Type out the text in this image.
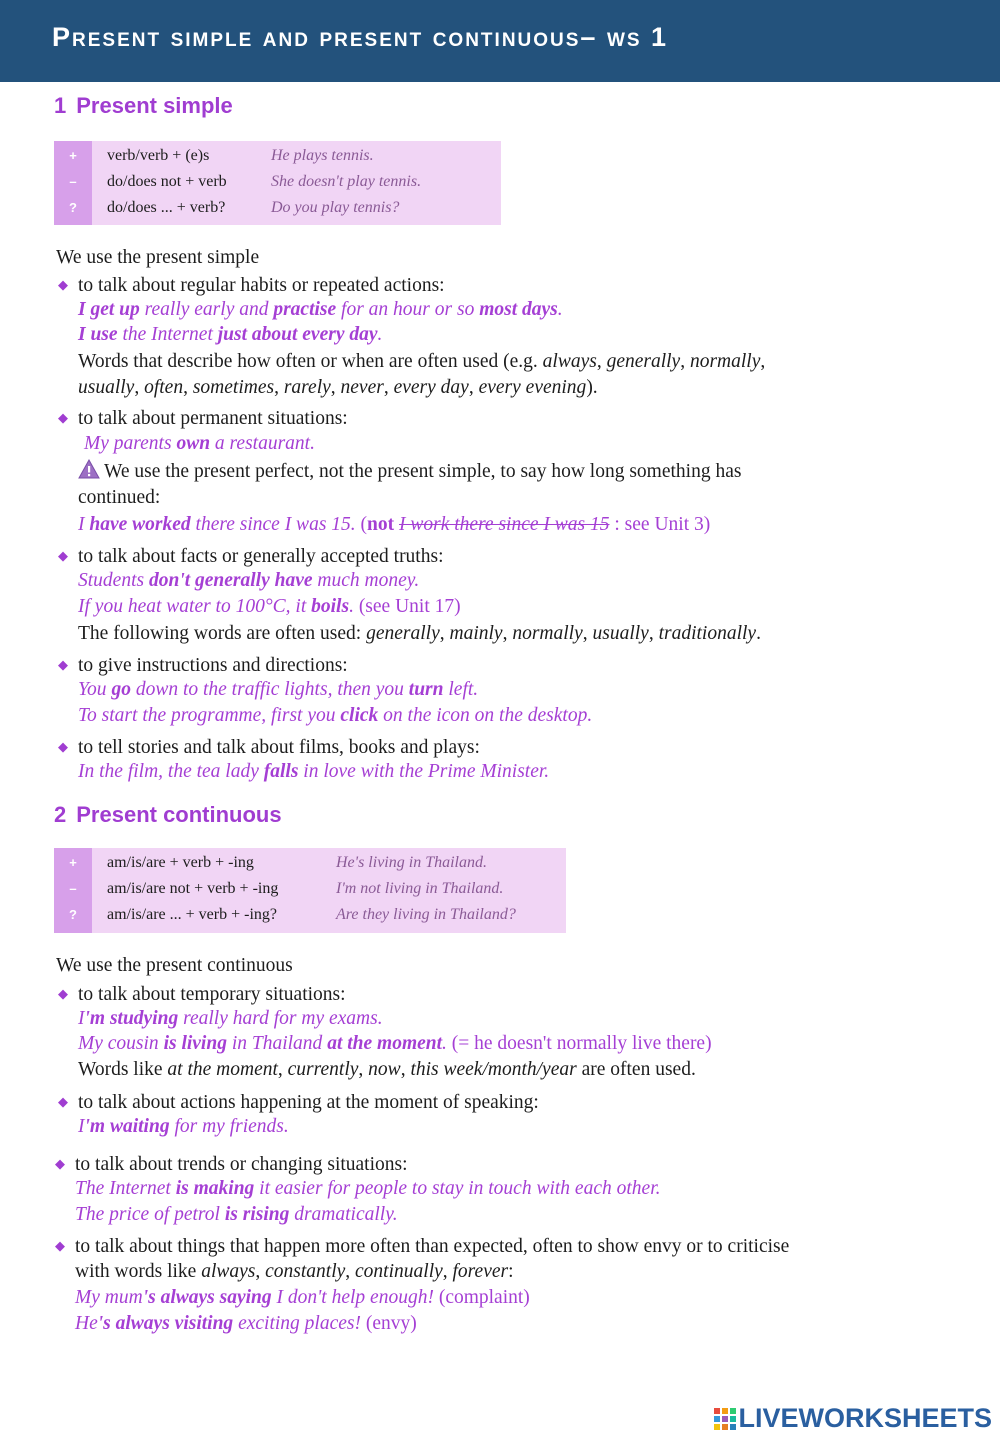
Present simple and present continuous– ws 1
1 Present simple
+	verb/verb + (e)s	He plays tennis.
–	do/does not + verb	She doesn't play tennis.
?	do/does ... + verb?	Do you play tennis?
We use the present simple
◆ to talk about regular habits or repeated actions:
I get up really early and practise for an hour or so most days.
I use the Internet just about every day.
Words that describe how often or when are often used (e.g. always, generally, normally,
usually, often, sometimes, rarely, never, every day, every evening).
◆ to talk about permanent situations:
My parents own a restaurant.
We use the present perfect, not the present simple, to say how long something has
continued:
I have worked there since I was 15. (not I work there since I was 15 : see Unit 3)
◆ to talk about facts or generally accepted truths:
Students don't generally have much money.
If you heat water to 100°C, it boils. (see Unit 17)
The following words are often used: generally, mainly, normally, usually, traditionally.
◆ to give instructions and directions:
You go down to the traffic lights, then you turn left.
To start the programme, first you click on the icon on the desktop.
◆ to tell stories and talk about films, books and plays:
In the film, the tea lady falls in love with the Prime Minister.
2 Present continuous
+	am/is/are + verb + -ing	He's living in Thailand.
–	am/is/are not + verb + -ing	I'm not living in Thailand.
?	am/is/are ... + verb + -ing?	Are they living in Thailand?
We use the present continuous
◆ to talk about temporary situations:
I'm studying really hard for my exams.
My cousin is living in Thailand at the moment. (= he doesn't normally live there)
Words like at the moment, currently, now, this week/month/year are often used.
◆ to talk about actions happening at the moment of speaking:
I'm waiting for my friends.
◆ to talk about trends or changing situations:
The Internet is making it easier for people to stay in touch with each other.
The price of petrol is rising dramatically.
◆ to talk about things that happen more often than expected, often to show envy or to criticise
with words like always, constantly, continually, forever:
My mum's always saying I don't help enough! (complaint)
He's always visiting exciting places! (envy)
LIVEWORKSHEETS
